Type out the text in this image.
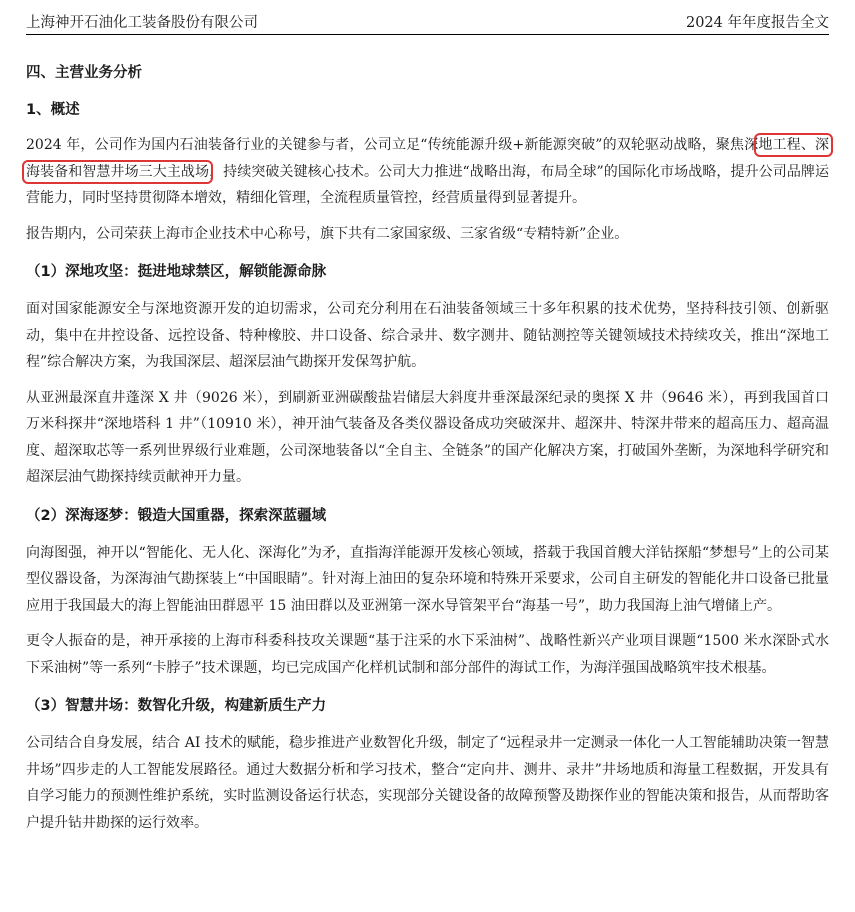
上海神开石油化工装备股份有限公司	2024 年年度报告全文
四、主营业务分析
1、概述

2024 年，公司作为国内石油装备行业的关键参与者，公司立足“传统能源升级+新能源突破”的双轮驱动战略，聚焦深地工程、深海装备和智慧井场三大主战场，持续突破关键核心技术。公司大力推进“战略出海，布局全球”的国际化市场战略，提升公司品牌运营能力，同时坚持贯彻降本增效，精细化管理，全流程质量管控，经营质量得到显著提升。

报告期内，公司荣获上海市企业技术中心称号，旗下共有二家国家级、三家省级“专精特新”企业。

（1）深地攻坚：挺进地球禁区，解锁能源命脉

面对国家能源安全与深地资源开发的迫切需求，公司充分利用在石油装备领域三十多年积累的技术优势，坚持科技引领、创新驱动，集中在井控设备、远控设备、特种橡胶、井口设备、综合录井、数字测井、随钻测控等关键领域技术持续攻关，推出“深地工程”综合解决方案，为我国深层、超深层油气勘探开发保驾护航。

从亚洲最深直井蓬深 X 井（9026 米），到刷新亚洲碳酸盐岩储层大斜度井垂深最深纪录的奥探 X 井（9646 米），再到我国首口万米科探井“深地塔科 1 井”（10910 米），神开油气装备及各类仪器设备成功突破深井、超深井、特深井带来的超高压力、超高温度、超深取芯等一系列世界级行业难题，公司深地装备以“全自主、全链条”的国产化解决方案，打破国外垄断，为深地科学研究和超深层油气勘探持续贡献神开力量。

（2）深海逐梦：锻造大国重器，探索深蓝疆域

向海图强，神开以“智能化、无人化、深海化”为矛，直指海洋能源开发核心领域，搭载于我国首艘大洋钻探船“梦想号”上的公司某型仪器设备，为深海油气勘探装上“中国眼睛”。针对海上油田的复杂环境和特殊开采要求，公司自主研发的智能化井口设备已批量应用于我国最大的海上智能油田群恩平 15 油田群以及亚洲第一深水导管架平台“海基一号”，助力我国海上油气增储上产。

更令人振奋的是，神开承接的上海市科委科技攻关课题“基于注采的水下采油树”、战略性新兴产业项目课题“1500 米水深卧式水下采油树”等一系列“卡脖子”技术课题，均已完成国产化样机试制和部分部件的海试工作，为海洋强国战略筑牢技术根基。

（3）智慧井场：数智化升级，构建新质生产力

公司结合自身发展，结合 AI 技术的赋能，稳步推进产业数智化升级，制定了“远程录井一定测录一体化一人工智能辅助决策一智慧井场”四步走的人工智能发展路径。通过大数据分析和学习技术，整合“定向井、测井、录井”井场地质和海量工程数据，开发具有自学习能力的预测性维护系统，实时监测设备运行状态，实现部分关键设备的故障预警及勘探作业的智能决策和报告，从而帮助客户提升钻井勘探的运行效率。
